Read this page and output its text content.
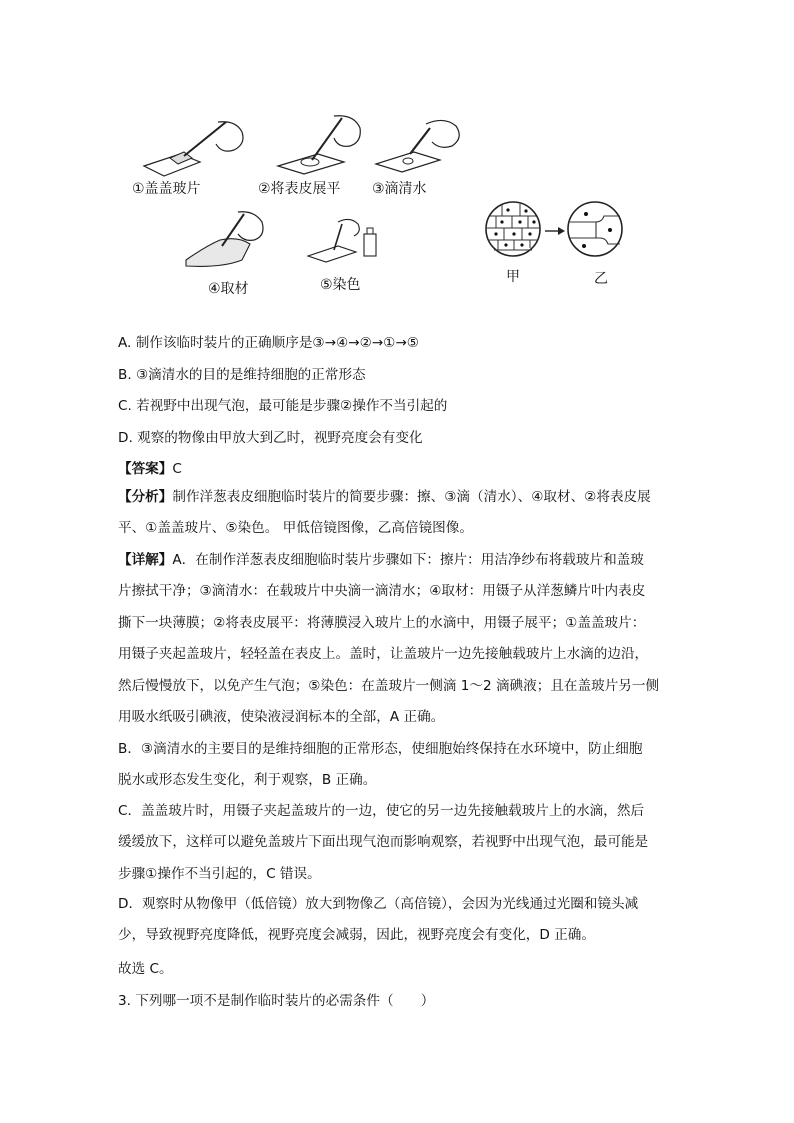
①盖盖玻片	②将表皮展平 ③滴清水
④取材	⑤染色	甲	乙
A. 制作该临时装片的正确顺序是③→④→②→①→⑤
B. ③滴清水的目的是维持细胞的正常形态
C. 若视野中出现气泡，最可能是步骤②操作不当引起的
D. 观察的物像由甲放大到乙时，视野亮度会有变化
【答案】C
【分析】制作洋葱表皮细胞临时装片的简要步骤：擦、③滴（清水）、④取材、②将表皮展
平、①盖盖玻片、⑤染色。 甲低倍镜图像，乙高倍镜图像。
【详解】A．在制作洋葱表皮细胞临时装片步骤如下：擦片：用洁净纱布将载玻片和盖玻
片擦拭干净；③滴清水：在载玻片中央滴一滴清水；④取材：用镊子从洋葱鳞片叶内表皮
撕下一块薄膜；②将表皮展平：将薄膜浸入玻片上的水滴中，用镊子展平；①盖盖玻片：
用镊子夹起盖玻片，轻轻盖在表皮上。盖时，让盖玻片一边先接触载玻片上水滴的边沿，
然后慢慢放下，以免产生气泡；⑤染色：在盖玻片一侧滴 1～2 滴碘液；且在盖玻片另一侧
用吸水纸吸引碘液，使染液浸润标本的全部，A 正确。
B．③滴清水的主要目的是维持细胞的正常形态，使细胞始终保持在水环境中，防止细胞
脱水或形态发生变化，利于观察，B 正确。
C．盖盖玻片时，用镊子夹起盖玻片的一边，使它的另一边先接触载玻片上的水滴，然后
缓缓放下，这样可以避免盖玻片下面出现气泡而影响观察，若视野中出现气泡，最可能是
步骤①操作不当引起的，C 错误。
D．观察时从物像甲（低倍镜）放大到物像乙（高倍镜），会因为光线通过光圈和镜头减
少，导致视野亮度降低，视野亮度会减弱，因此，视野亮度会有变化，D 正确。
故选 C。
3. 下列哪一项不是制作临时装片的必需条件（　　）
